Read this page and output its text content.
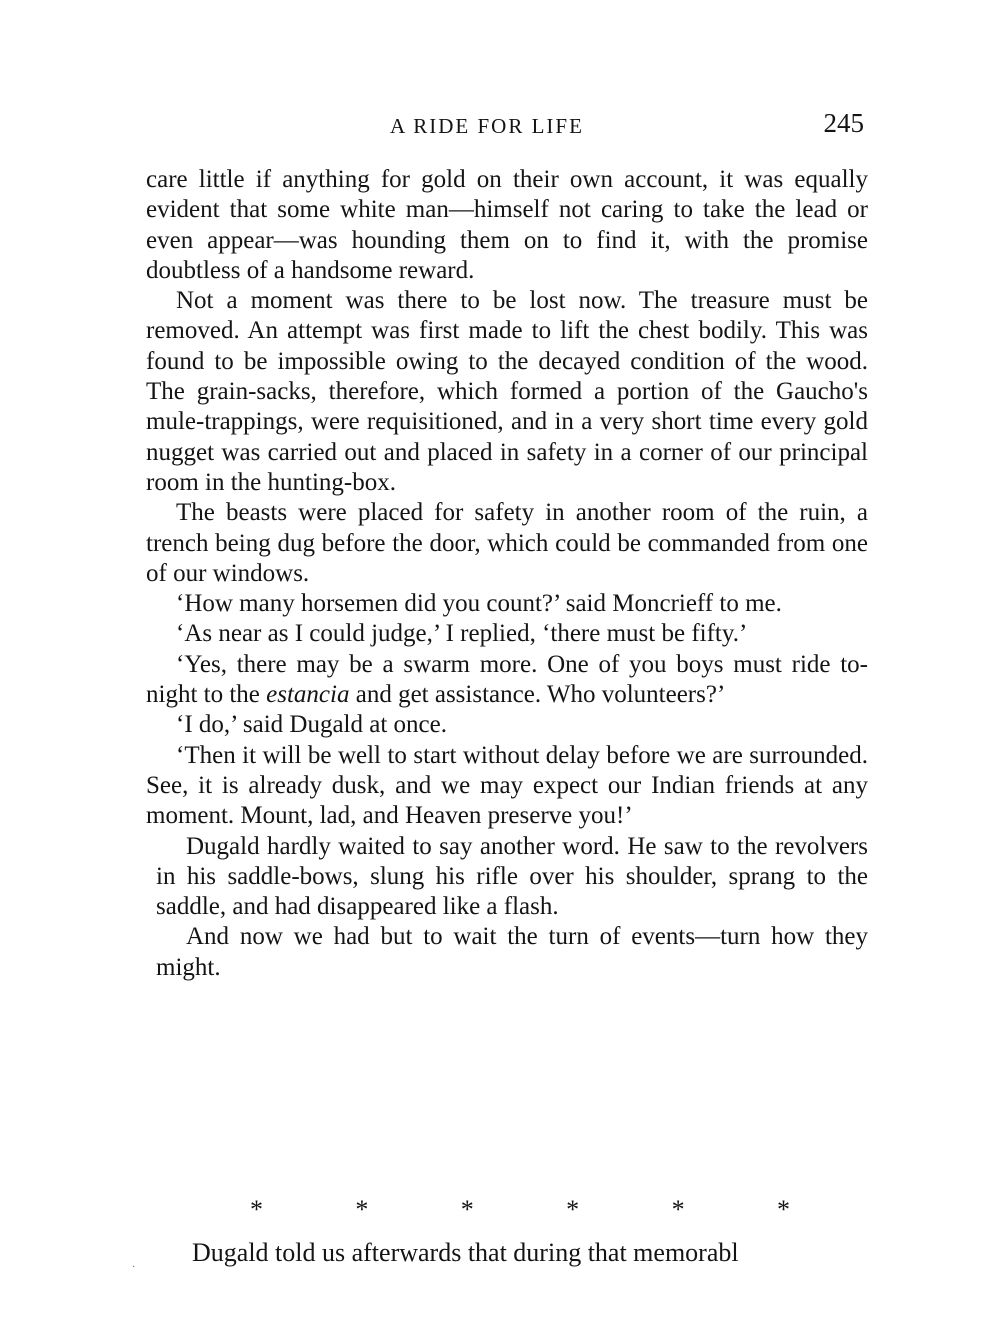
A RIDE FOR LIFE	245

care little if anything for gold on their own account, it was equally evident that some white man—himself not caring to take the lead or even appear—was hounding them on to find it, with the promise doubtless of a handsome reward.

Not a moment was there to be lost now. The treasure must be removed. An attempt was first made to lift the chest bodily. This was found to be impossible owing to the decayed condition of the wood. The grain-sacks, therefore, which formed a portion of the Gaucho's mule-trappings, were requisitioned, and in a very short time every gold nugget was carried out and placed in safety in a corner of our principal room in the hunting-box.

The beasts were placed for safety in another room of the ruin, a trench being dug before the door, which could be commanded from one of our windows.

‘How many horsemen did you count?’ said Moncrieff to me.

‘As near as I could judge,’ I replied, ‘there must be fifty.’

‘Yes, there may be a swarm more. One of you boys must ride to-night to the estancia and get assistance. Who volunteers?’

‘I do,’ said Dugald at once.

‘Then it will be well to start without delay before we are surrounded. See, it is already dusk, and we may expect our Indian friends at any moment. Mount, lad, and Heaven preserve you!’

Dugald hardly waited to say another word. He saw to the revolvers in his saddle-bows, slung his rifle over his shoulder, sprang to the saddle, and had disappeared like a flash.

And now we had but to wait the turn of events—turn how they might.

*	*	*	*	*	*
·
Dugald told us afterwards that during that memorabl
